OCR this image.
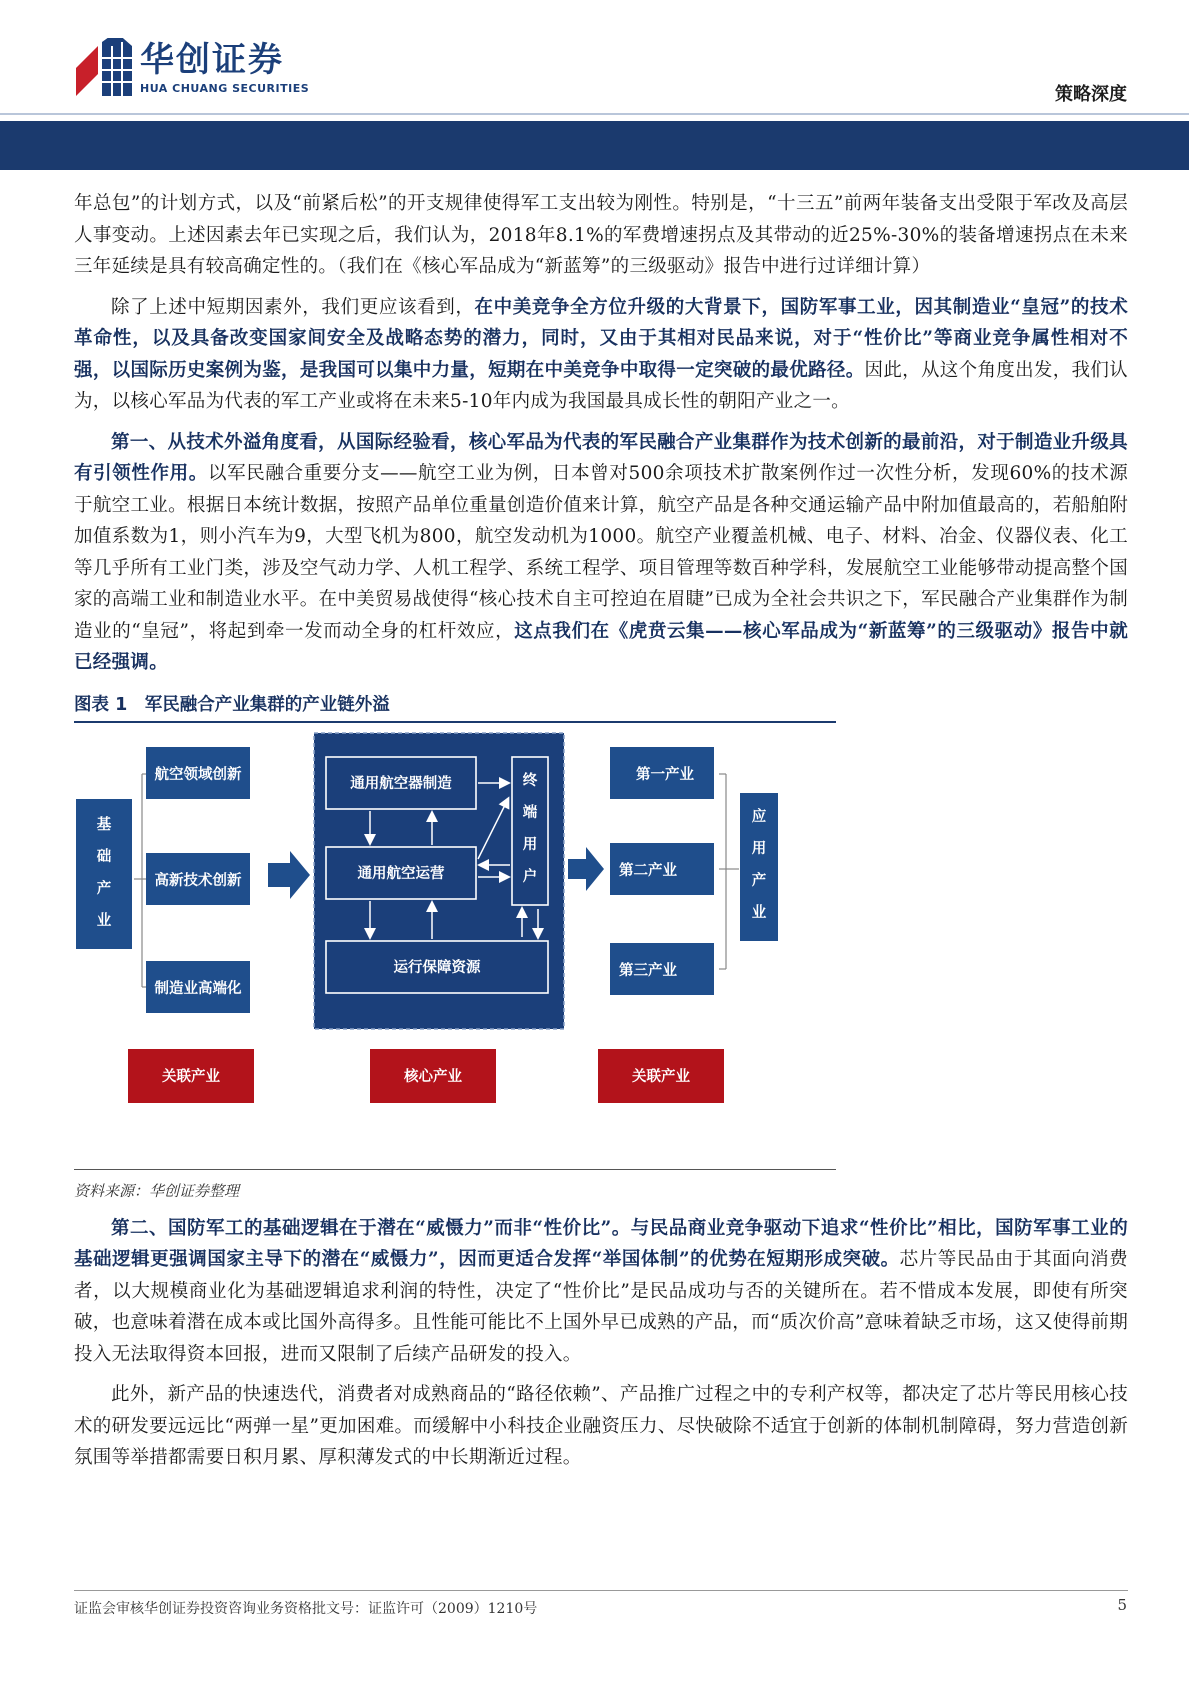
华创证券
HUA CHUANG SECURITIES	策略深度

年总包”的计划方式，以及“前紧后松”的开支规律使得军工支出较为刚性。特别是，“十三五”前两年装备支出受限于军改及高层人事变动。上述因素去年已实现之后，我们认为，2018年8.1%的军费增速拐点及其带动的近25%-30%的装备增速拐点在未来三年延续是具有较高确定性的。（我们在《核心军品成为“新蓝筹”的三级驱动》报告中进行过详细计算）

除了上述中短期因素外，我们更应该看到，在中美竞争全方位升级的大背景下，国防军事工业，因其制造业“皇冠”的技术革命性，以及具备改变国家间安全及战略态势的潜力，同时，又由于其相对民品来说，对于“性价比”等商业竞争属性相对不强，以国际历史案例为鉴，是我国可以集中力量，短期在中美竞争中取得一定突破的最优路径。因此，从这个角度出发，我们认为，以核心军品为代表的军工产业或将在未来5-10年内成为我国最具成长性的朝阳产业之一。

第一、从技术外溢角度看，从国际经验看，核心军品为代表的军民融合产业集群作为技术创新的最前沿，对于制造业升级具有引领性作用。以军民融合重要分支——航空工业为例，日本曾对500余项技术扩散案例作过一次性分析，发现60%的技术源于航空工业。根据日本统计数据，按照产品单位重量创造价值来计算，航空产品是各种交通运输产品中附加值最高的，若船舶附加值系数为1，则小汽车为9，大型飞机为800，航空发动机为1000。航空产业覆盖机械、电子、材料、冶金、仪器仪表、化工等几乎所有工业门类，涉及空气动力学、人机工程学、系统工程学、项目管理等数百种学科，发展航空工业能够带动提高整个国家的高端工业和制造业水平。在中美贸易战使得“核心技术自主可控迫在眉睫”已成为全社会共识之下，军民融合产业集群作为制造业的“皇冠”，将起到牵一发而动全身的杠杆效应，这点我们在《虎贲云集——核心军品成为“新蓝筹”的三级驱动》报告中就已经强调。

图表 1　军民融合产业集群的产业链外溢
基础产业
航空领域创新
高新技术创新
制造业高端化
通用航空器制造
通用航空运营
运行保障资源
终端用户
第一产业
第二产业
第三产业
应用产业
关联产业	核心产业	关联产业
资料来源：华创证券整理

第二、国防军工的基础逻辑在于潜在“威慑力”而非“性价比”。与民品商业竞争驱动下追求“性价比”相比，国防军事工业的基础逻辑更强调国家主导下的潜在“威慑力”，因而更适合发挥“举国体制”的优势在短期形成突破。芯片等民品由于其面向消费者，以大规模商业化为基础逻辑追求利润的特性，决定了“性价比”是民品成功与否的关键所在。若不惜成本发展，即使有所突破，也意味着潜在成本或比国外高得多。且性能可能比不上国外早已成熟的产品，而“质次价高”意味着缺乏市场，这又使得前期投入无法取得资本回报，进而又限制了后续产品研发的投入。

此外，新产品的快速迭代，消费者对成熟商品的“路径依赖”、产品推广过程之中的专利产权等，都决定了芯片等民用核心技术的研发要远远比“两弹一星”更加困难。而缓解中小科技企业融资压力、尽快破除不适宜于创新的体制机制障碍，努力营造创新氛围等举措都需要日积月累、厚积薄发式的中长期渐近过程。

证监会审核华创证券投资咨询业务资格批文号：证监许可（2009）1210号	5
